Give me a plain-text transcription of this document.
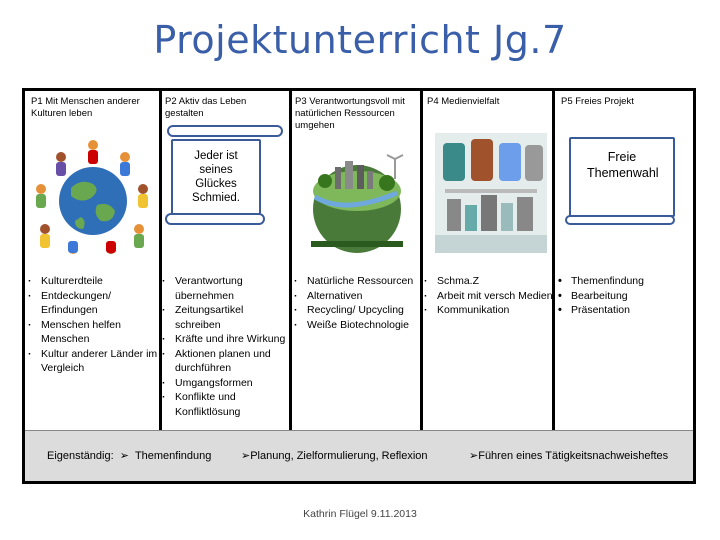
Projektunterricht Jg.7
P1 Mit Menschen anderer Kulturen leben
· Kulturerdteile
· Entdeckungen/ Erfindungen
· Menschen helfen Menschen
· Kultur anderer Länder im Vergleich
P2 Aktiv das Leben gestalten
Jeder ist seines Glückes Schmied.
· Verantwortung übernehmen
· Zeitungsartikel schreiben
· Kräfte und ihre Wirkung
· Aktionen planen und durchführen
· Umgangsformen
· Konflikte und Konfliktlösung
P3 Verantwortungsvoll mit natürlichen Ressourcen umgehen
· Natürliche Ressourcen
· Alternativen
· Recycling/ Upcycling
· Weiße Biotechnologie
P4 Medienvielfalt
· Schma.Z
· Arbeit mit versch Medien
· Kommunikation
P5 Freies Projekt
Freie Themenwahl
• Themenfindung
• Bearbeitung
• Präsentation
Eigenständig:  ➢  Themenfindung	➢Planung, Zielformulierung, Reflexion	➢Führen eines Tätigkeitsnachweisheftes
Kathrin Flügel 9.11.2013
